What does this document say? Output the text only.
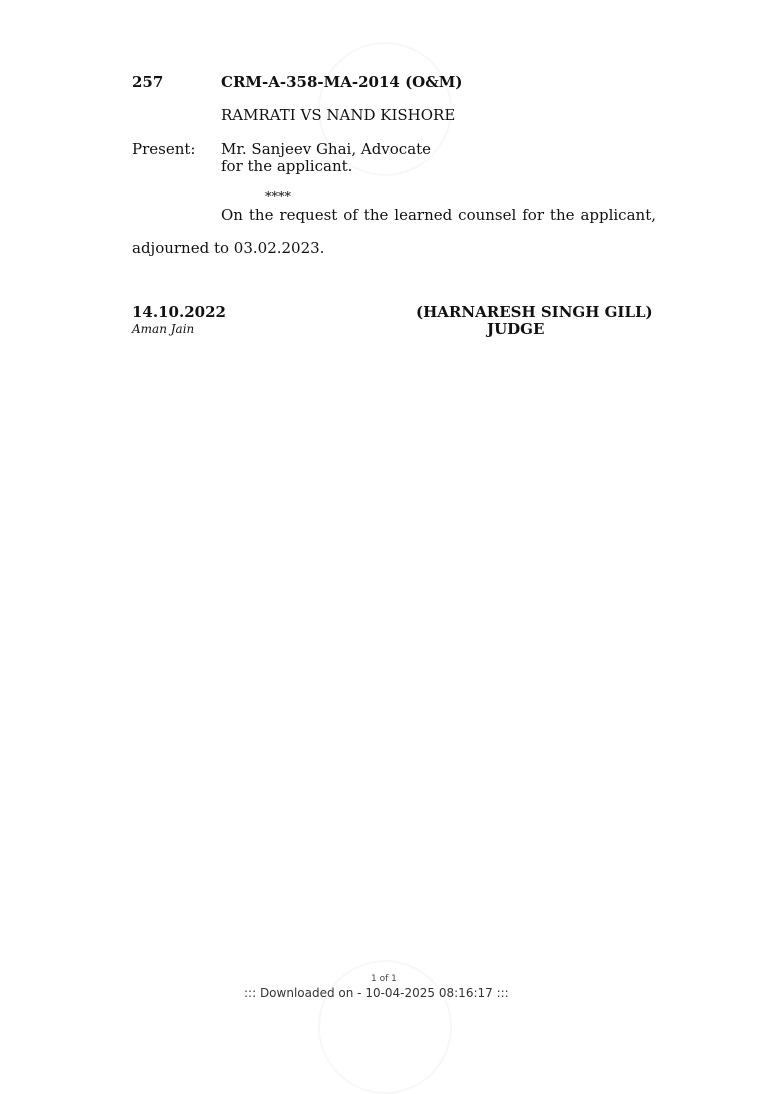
257	CRM-A-358-MA-2014 (O&M)
RAMRATI VS NAND KISHORE
Present: Mr. Sanjeev Ghai, Advocate
for the applicant.
****
On the request of the learned counsel for the applicant,
adjourned to 03.02.2023.
14.10.2022
Aman Jain
(HARNARESH SINGH GILL)
JUDGE
1 of 1
::: Downloaded on - 10-04-2025 08:16:17 :::
